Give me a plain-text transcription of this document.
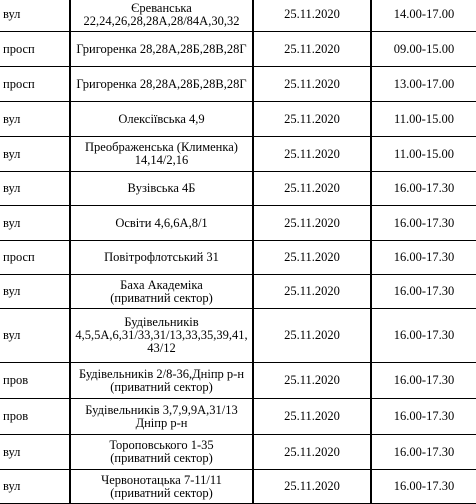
вул	Єреванська
22,24,26,28,28А,28/84А,30,32	25.11.2020	14.00-17.00
просп	Григоренка 28,28А,28Б,28В,28Г	25.11.2020	09.00-15.00
просп	Григоренка 28,28А,28Б,28В,28Г	25.11.2020	13.00-17.00
вул	Олексіївська 4,9	25.11.2020	11.00-15.00
вул	Преображенська (Клименка)
14,14/2,16	25.11.2020	11.00-15.00
вул	Вузівська 4Б	25.11.2020	16.00-17.30
вул	Освіти 4,6,6А,8/1	25.11.2020	16.00-17.30
просп	Повітрофлотський 31	25.11.2020	16.00-17.30
вул	Баха Академіка
(приватний сектор)	25.11.2020	16.00-17.30
вул	Будівельників
4,5,5А,6,31/33,31/13,33,35,39,41,
43/12	25.11.2020	16.00-17.30
пров	Будівельників 2/8-36,Дніпр р-н
(приватний сектор)	25.11.2020	16.00-17.30
пров	Будівельників 3,7,9,9А,31/13
Дніпр р-н	25.11.2020	16.00-17.30
вул	Тороповського 1-35
(приватний сектор)	25.11.2020	16.00-17.30
вул	Червонотацька 7-11/11
(приватний сектор)	25.11.2020	16.00-17.30
